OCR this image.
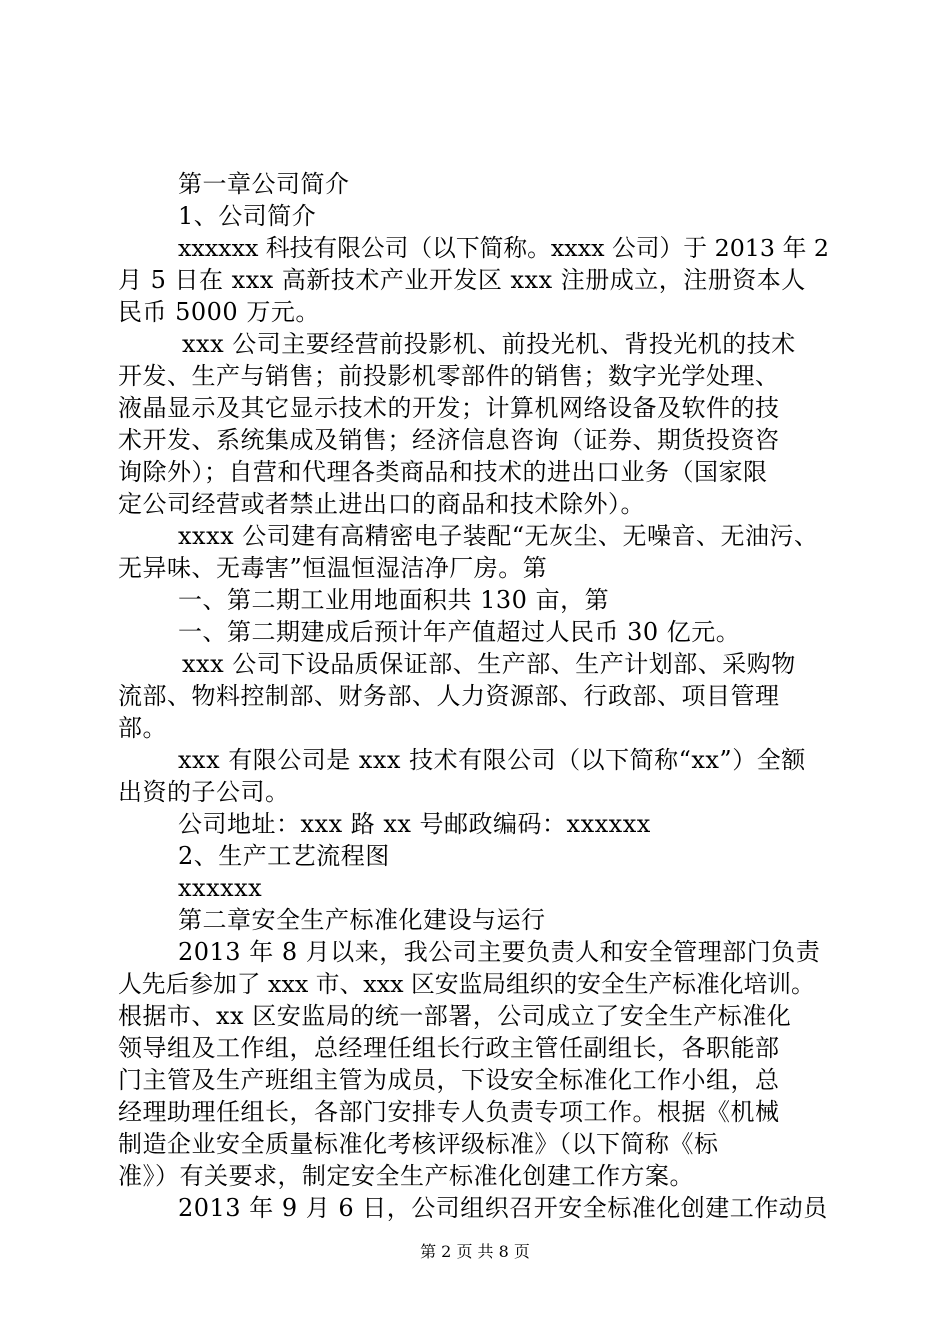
第一章公司简介
1、公司简介
xxxxxx 科技有限公司（以下简称。xxxx 公司）于 2013 年 2
月 5 日在 xxx 高新技术产业开发区 xxx 注册成立，注册资本人
民币 5000 万元。
xxx 公司主要经营前投影机、前投光机、背投光机的技术
开发、生产与销售；前投影机零部件的销售；数字光学处理、
液晶显示及其它显示技术的开发；计算机网络设备及软件的技
术开发、系统集成及销售；经济信息咨询（证券、期货投资咨
询除外）；自营和代理各类商品和技术的进出口业务（国家限
定公司经营或者禁止进出口的商品和技术除外）。
xxxx 公司建有高精密电子装配“无灰尘、无噪音、无油污、
无异味、无毒害”恒温恒湿洁净厂房。第
一、第二期工业用地面积共 130 亩，第
一、第二期建成后预计年产值超过人民币 30 亿元。
xxx 公司下设品质保证部、生产部、生产计划部、采购物
流部、物料控制部、财务部、人力资源部、行政部、项目管理
部。
xxx 有限公司是 xxx 技术有限公司（以下简称“xx”）全额
出资的子公司。
公司地址：xxx 路 xx 号邮政编码：xxxxxx
2、生产工艺流程图
xxxxxx
第二章安全生产标准化建设与运行
2013 年 8 月以来，我公司主要负责人和安全管理部门负责
人先后参加了 xxx 市、xxx 区安监局组织的安全生产标准化培训。
根据市、xx 区安监局的统一部署，公司成立了安全生产标准化
领导组及工作组，总经理任组长行政主管任副组长，各职能部
门主管及生产班组主管为成员，下设安全标准化工作小组，总
经理助理任组长，各部门安排专人负责专项工作。根据《机械
制造企业安全质量标准化考核评级标准》（以下简称《标
准》）有关要求，制定安全生产标准化创建工作方案。
2013 年 9 月 6 日，公司组织召开安全标准化创建工作动员
第 2 页 共 8 页
